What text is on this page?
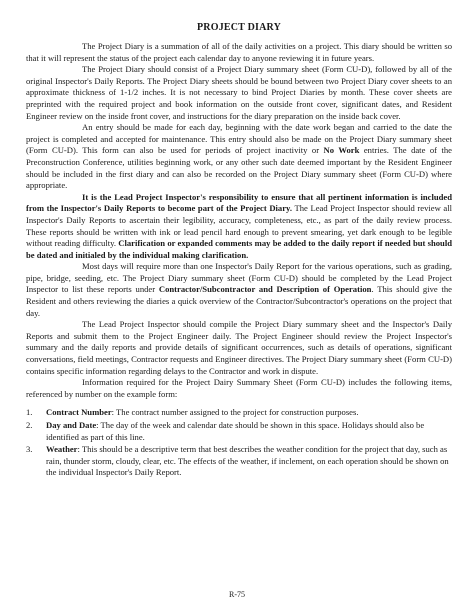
PROJECT DIARY

The Project Diary is a summation of all of the daily activities on a project. This diary should be written so that it will represent the status of the project each calendar day to anyone reviewing it in future years.

The Project Diary should consist of a Project Diary summary sheet (Form CU-D), followed by all of the original Inspector's Daily Reports. The Project Diary sheets should be bound between two Project Diary cover sheets to an approximate thickness of 1-1/2 inches. It is not necessary to bind Project Diaries by month. These cover sheets are preprinted with the required project and book information on the outside front cover, significant dates, and Resident Engineer review on the inside front cover, and instructions for the diary preparation on the inside back cover.

An entry should be made for each day, beginning with the date work began and carried to the date the project is completed and accepted for maintenance. This entry should also be made on the Project Diary summary sheet (Form CU-D). This form can also be used for periods of project inactivity or No Work entries. The date of the Preconstruction Conference, utilities beginning work, or any other such date deemed important by the Resident Engineer should be included in the first diary and can also be recorded on the Project Diary summary sheet (Form CU-D) where appropriate.

It is the Lead Project Inspector's responsibility to ensure that all pertinent information is included from the Inspector's Daily Reports to become part of the Project Diary. The Lead Project Inspector should review all Inspector's Daily Reports to ascertain their legibility, accuracy, completeness, etc., as part of the daily review process. These reports should be written with ink or lead pencil hard enough to prevent smearing, yet dark enough to be legible without reading difficulty. Clarification or expanded comments may be added to the daily report if needed but should be dated and initialed by the individual making clarification.

Most days will require more than one Inspector's Daily Report for the various operations, such as grading, pipe, bridge, seeding, etc. The Project Diary summary sheet (Form CU-D) should be completed by the Lead Project Inspector to list these reports under Contractor/Subcontractor and Description of Operation. This should give the Resident and others reviewing the diaries a quick overview of the Contractor/Subcontractor's operations on the project that day.

The Lead Project Inspector should compile the Project Diary summary sheet and the Inspector's Daily Reports and submit them to the Project Engineer daily. The Project Engineer should review the Project Inspector's summary and the daily reports and provide details of significant occurrences, such as details of operations, significant conversations, field meetings, Contractor requests and Engineer directives. The Project Diary summary sheet (Form CU-D) contains specific information regarding delays to the Contractor and work in dispute.

Information required for the Project Dairy Summary Sheet (Form CU-D) includes the following items, referenced by number on the example form:

1. Contract Number: The contract number assigned to the project for construction purposes.
2. Day and Date: The day of the week and calendar date should be shown in this space. Holidays should also be identified as part of this line.
3. Weather: This should be a descriptive term that best describes the weather condition for the project that day, such as rain, thunder storm, cloudy, clear, etc. The effects of the weather, if inclement, on each operation should be shown on the individual Inspector's Daily Report.
R-75
